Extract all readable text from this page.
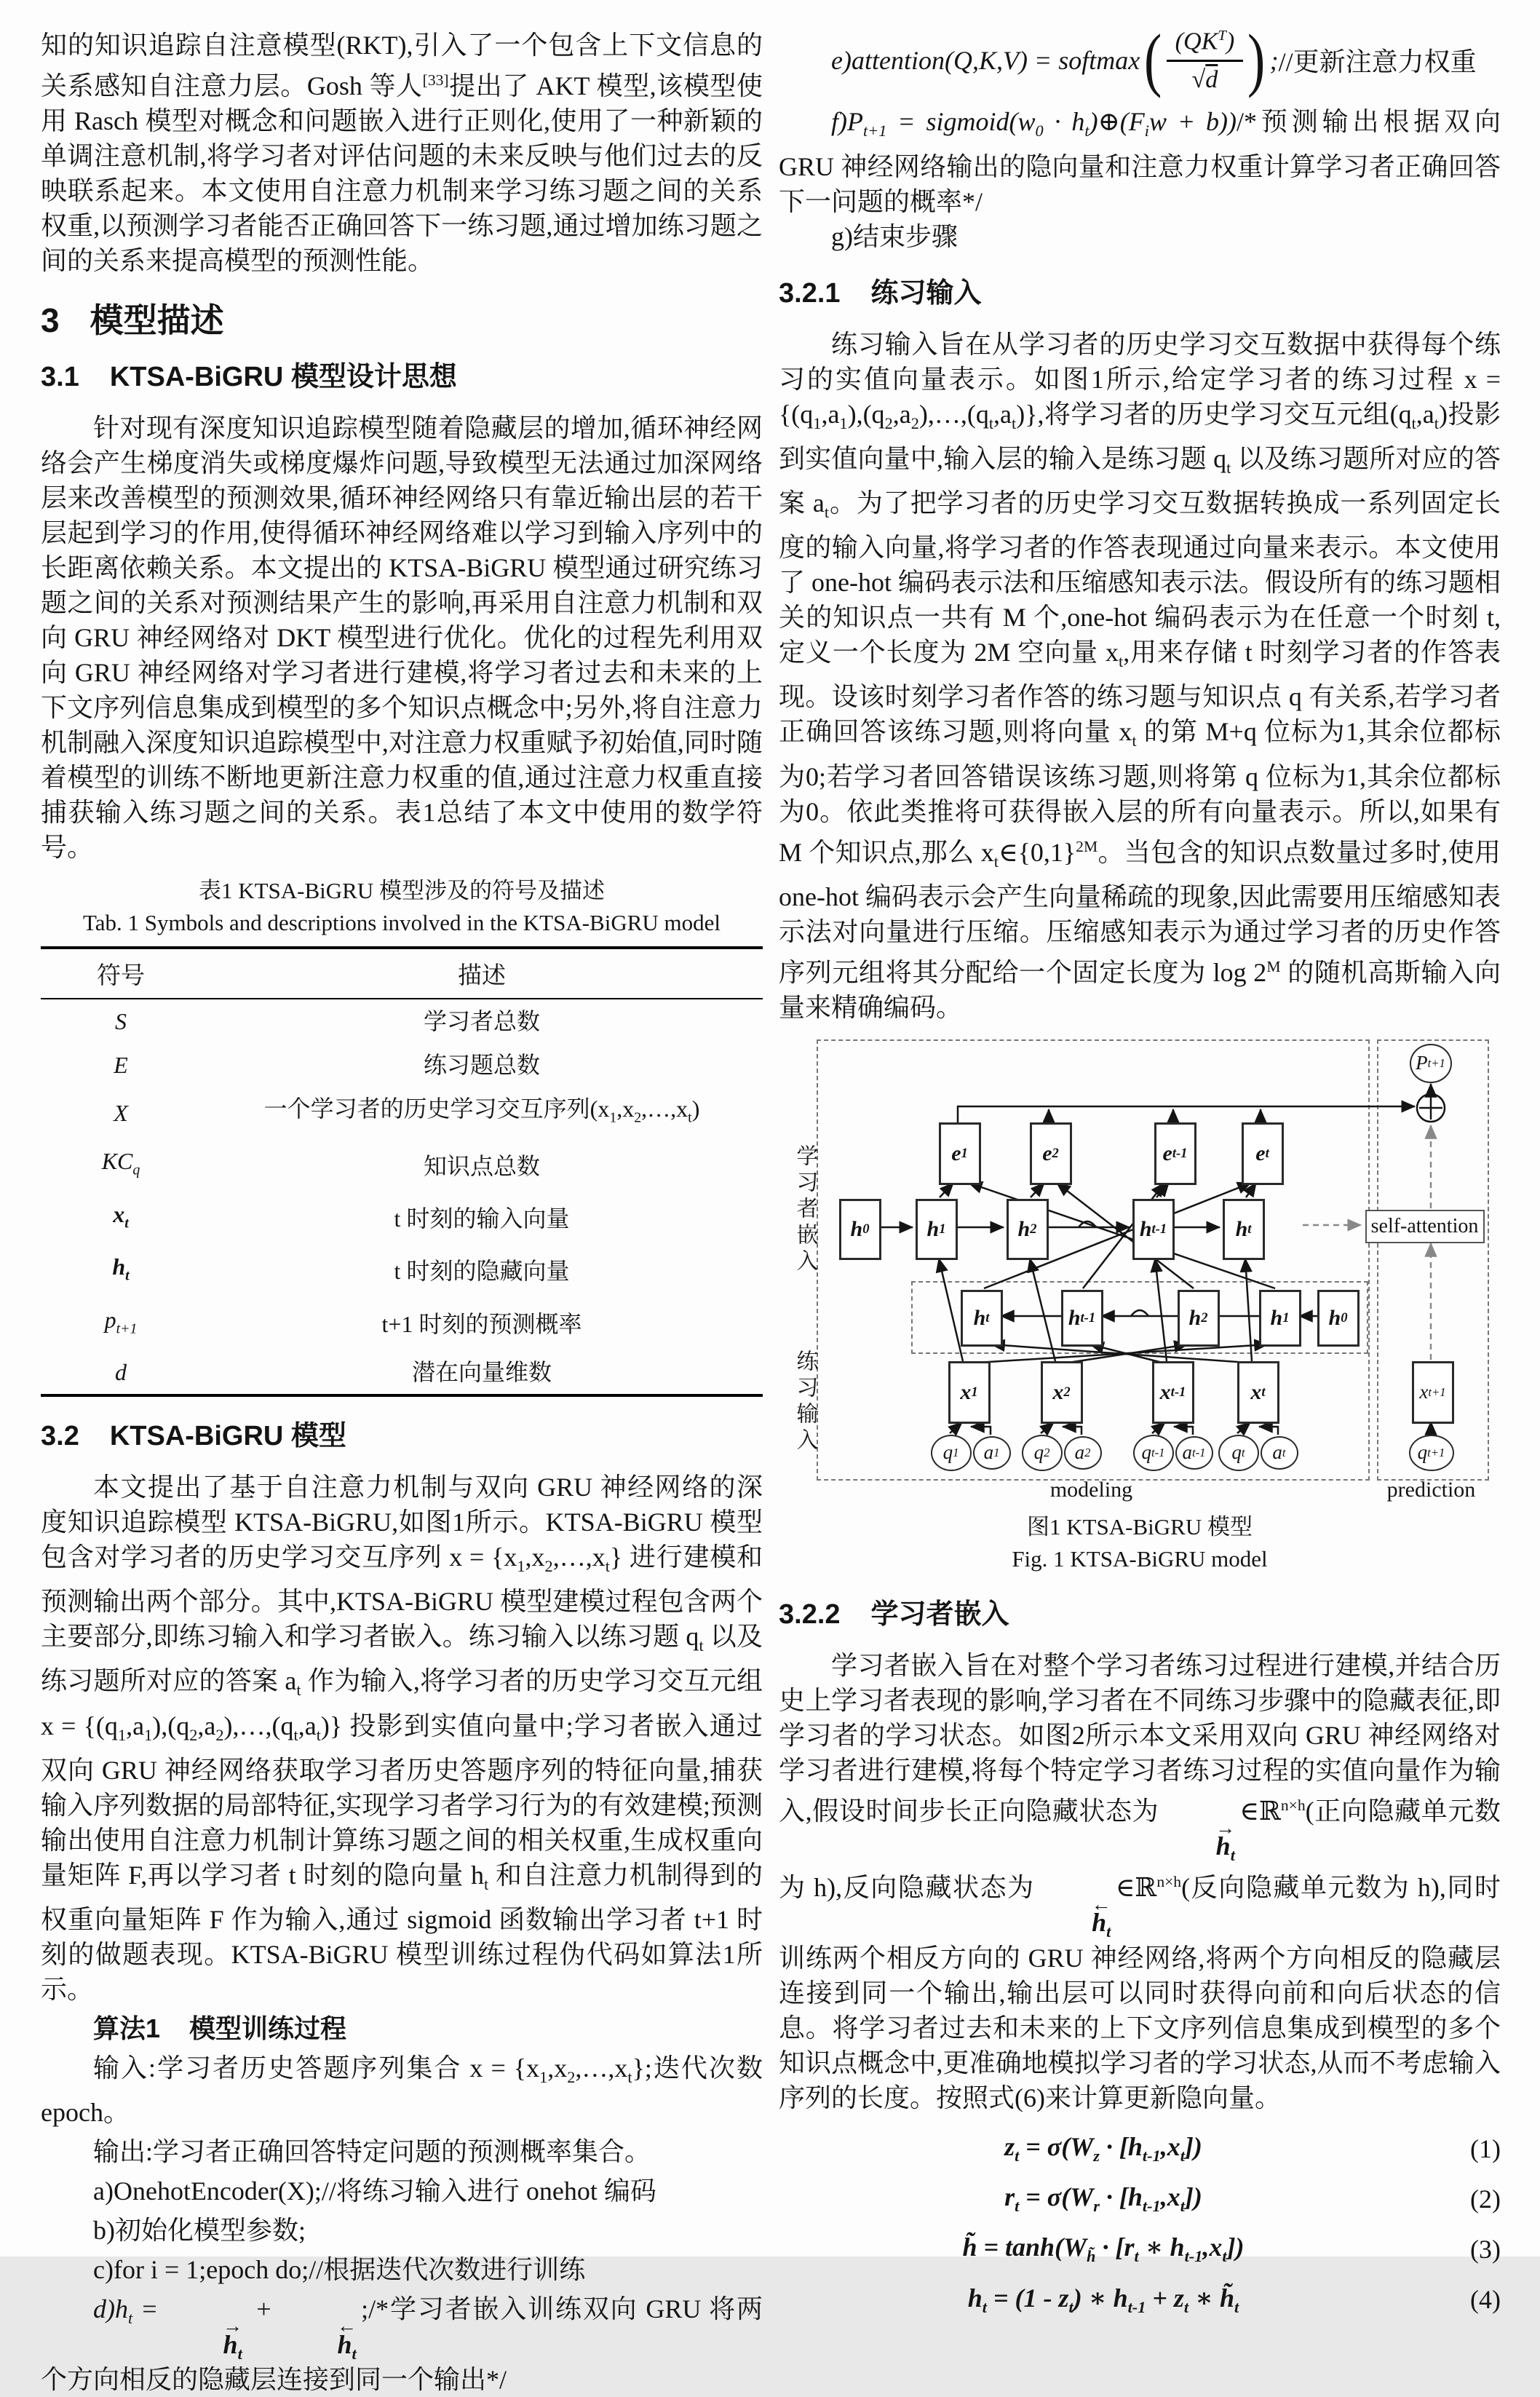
知的知识追踪自注意模型(RKT),引入了一个包含上下文信息的关系感知自注意力层。Gosh 等人[33]提出了 AKT 模型,该模型使用 Rasch 模型对概念和问题嵌入进行正则化,使用了一种新颖的单调注意机制,将学习者对评估问题的未来反映与他们过去的反映联系起来。本文使用自注意力机制来学习练习题之间的关系权重,以预测学习者能否正确回答下一练习题,通过增加练习题之间的关系来提高模型的预测性能。

3 模型描述

3.1 KTSA-BiGRU 模型设计思想

针对现有深度知识追踪模型随着隐藏层的增加,循环神经网络会产生梯度消失或梯度爆炸问题,导致模型无法通过加深网络层来改善模型的预测效果,循环神经网络只有靠近输出层的若干层起到学习的作用,使得循环神经网络难以学习到输入序列中的长距离依赖关系。本文提出的 KTSA-BiGRU 模型通过研究练习题之间的关系对预测结果产生的影响,再采用自注意力机制和双向 GRU 神经网络对 DKT 模型进行优化。优化的过程先利用双向 GRU 神经网络对学习者进行建模,将学习者过去和未来的上下文序列信息集成到模型的多个知识点概念中;另外,将自注意力机制融入深度知识追踪模型中,对注意力权重赋予初始值,同时随着模型的训练不断地更新注意力权重的值,通过注意力权重直接捕获输入练习题之间的关系。表1总结了本文中使用的数学符号。

表1 KTSA-BiGRU 模型涉及的符号及描述

Tab. 1 Symbols and descriptions involved in the KTSA-BiGRU model

符号	描述
S	学习者总数
E	练习题总数
X	一个学习者的历史学习交互序列$(x_1,x_2,\dots,x_t)$
$KC_q$	知识点总数
$x_t$	t 时刻的输入向量
$h_t$	t 时刻的隐藏向量
$p_{t+1}$	t+1 时刻的预测概率
d	潜在向量维数

3.2 KTSA-BiGRU 模型

本文提出了基于自注意力机制与双向 GRU 神经网络的深度知识追踪模型 KTSA-BiGRU,如图1所示。KTSA-BiGRU 模型包含对学习者的历史学习交互序列 $x = \{x_1,x_2,\dots,x_t\}$ 进行建模和预测输出两个部分。其中,KTSA-BiGRU 模型建模过程包含两个主要部分,即练习输入和学习者嵌入。练习输入以练习题 $q_t$ 以及练习题所对应的答案 $a_t$ 作为输入,将学习者的历史学习交互元组 $x = \{(q_1,a_1),(q_2,a_2),\dots,(q_t,a_t)\}$ 投影到实值向量中;学习者嵌入通过双向 GRU 神经网络获取学习者历史答题序列的特征向量,捕获输入序列数据的局部特征,实现学习者学习行为的有效建模;预测输出使用自注意力机制计算练习题之间的相关权重,生成权重向量矩阵 F,再以学习者 t 时刻的隐向量 $h_t$ 和自注意力机制得到的权重向量矩阵 F 作为输入,通过 sigmoid 函数输出学习者 t+1 时刻的做题表现。KTSA-BiGRU 模型训练过程伪代码如算法1所示。

算法1 模型训练过程

输入:学习者历史答题序列集合 $x = \{x_1,x_2,\dots,x_t\}$;迭代次数 epoch。

输出:学习者正确回答特定问题的预测概率集合。

a)OnehotEncoder(X);//将练习输入进行 onehot 编码

b)初始化模型参数;

c)for i = 1;epoch do;//根据迭代次数进行训练

$d)h_t$ =
→
$h_t$
+
←
$h_t$
;/*学习者嵌入训练双向 GRU 将两个方向相反的隐藏层连接到同一个输出*/

e)attention(Q,K,V) = softmax ( $\frac{(QK^T)}{√d}$ ) ; //更新注意力权重

$f)P_{t+1}$ = $sigmoid(w_0$ · $h_t)\oplus(F_iw + b))/*$预测输出根据双向 GRU 神经网络输出的隐向量和注意力权重计算学习者正确回答下一问题的概率*/

g)结束步骤

3.2.1 练习输入

练习输入旨在从学习者的历史学习交互数据中获得每个练习的实值向量表示。如图1所示,给定学习者的练习过程 $x = \{(q_1,a_1),(q_2,a_2),\dots,(q_t,a_t)\}$,将学习者的历史学习交互元组$(q_t,a_t)$投影到实值向量中,输入层的输入是练习题 $q_t$ 以及练习题所对应的答案 $a_t$。为了把学习者的历史学习交互数据转换成一系列固定长度的输入向量,将学习者的作答表现通过向量来表示。本文使用了 one-hot 编码表示法和压缩感知表示法。假设所有的练习题相关的知识点一共有 M 个,one-hot 编码表示为在任意一个时刻 t,定义一个长度为 2M 空向量 $x_t$,用来存储 t 时刻学习者的作答表现。设该时刻学习者作答的练习题与知识点 q 有关系,若学习者正确回答该练习题,则将向量 $x_t$ 的第 M+q 位标为1,其余位都标为0;若学习者回答错误该练习题,则将第 q 位标为1,其余位都标为0。依此类推将可获得嵌入层的所有向量表示。所以,如果有 M 个知识点,那么 $x_t\in\{0,1\}^{2M}$。当包含的知识点数量过多时,使用 one-hot 编码表示会产生向量稀疏的现象,因此需要用压缩感知表示法对向量进行压缩。压缩感知表示为通过学习者的历史作答序列元组将其分配给一个固定长度为 $\log 2^M$ 的随机高斯输入向量来精确编码。

学习者嵌入
练习输入
P t+1
self-attention
x t+1
q t+1
e 1	e 2	e t-1	e t
h 0	h 1	h 2	h t-1	h t
h t	h t-1	h 2	h 1	h 0
x 1	x 2	x t-1	x t
q 1	a 1	q 2	a 2	q t-1 a t-1	q t	a t
modeling	prediction

图1 KTSA-BiGRU 模型

Fig. 1 KTSA-BiGRU model

3.2.2 学习者嵌入

学习者嵌入旨在对整个学习者练习过程进行建模,并结合历史上学习者表现的影响,学习者在不同练习步骤中的隐藏表征,即学习者的学习状态。如图2所示本文采用双向 GRU 神经网络对学习者进行建模,将每个特定学习者练习过程的实值向量作为输入,假设时间步长正向隐藏状态为
→
$h_t$
∈ℝ$^{n\times h}$(正向隐藏单元数为 h),反向隐藏状态为
←
$h_t$
∈ℝ$^{n\times h}$(反向隐藏单元数为 h),同时训练两个相反方向的 GRU 神经网络,将两个方向相反的隐藏层连接到同一个输出,输出层可以同时获得向前和向后状态的信息。将学习者过去和未来的上下文序列信息集成到模型的多个知识点概念中,更准确地模拟学习者的学习状态,从而不考虑输入序列的长度。按照式(6)来计算更新隐向量。

$z_t = \sigma(W_z \cdot [h_{t-1},x_t])$	(1)
$r_t = \sigma(W_r \cdot [h_{t-1},x_t])$	(2)
h̃ = $\tanh(W_{h̃} \cdot [r_t$ ∗ $h_{t-1},x_t$])	(3)
$h_t = (1 - z_t)$ ∗ $h_{t-1} + z_t$ ∗ $h̃_t$	(4)
